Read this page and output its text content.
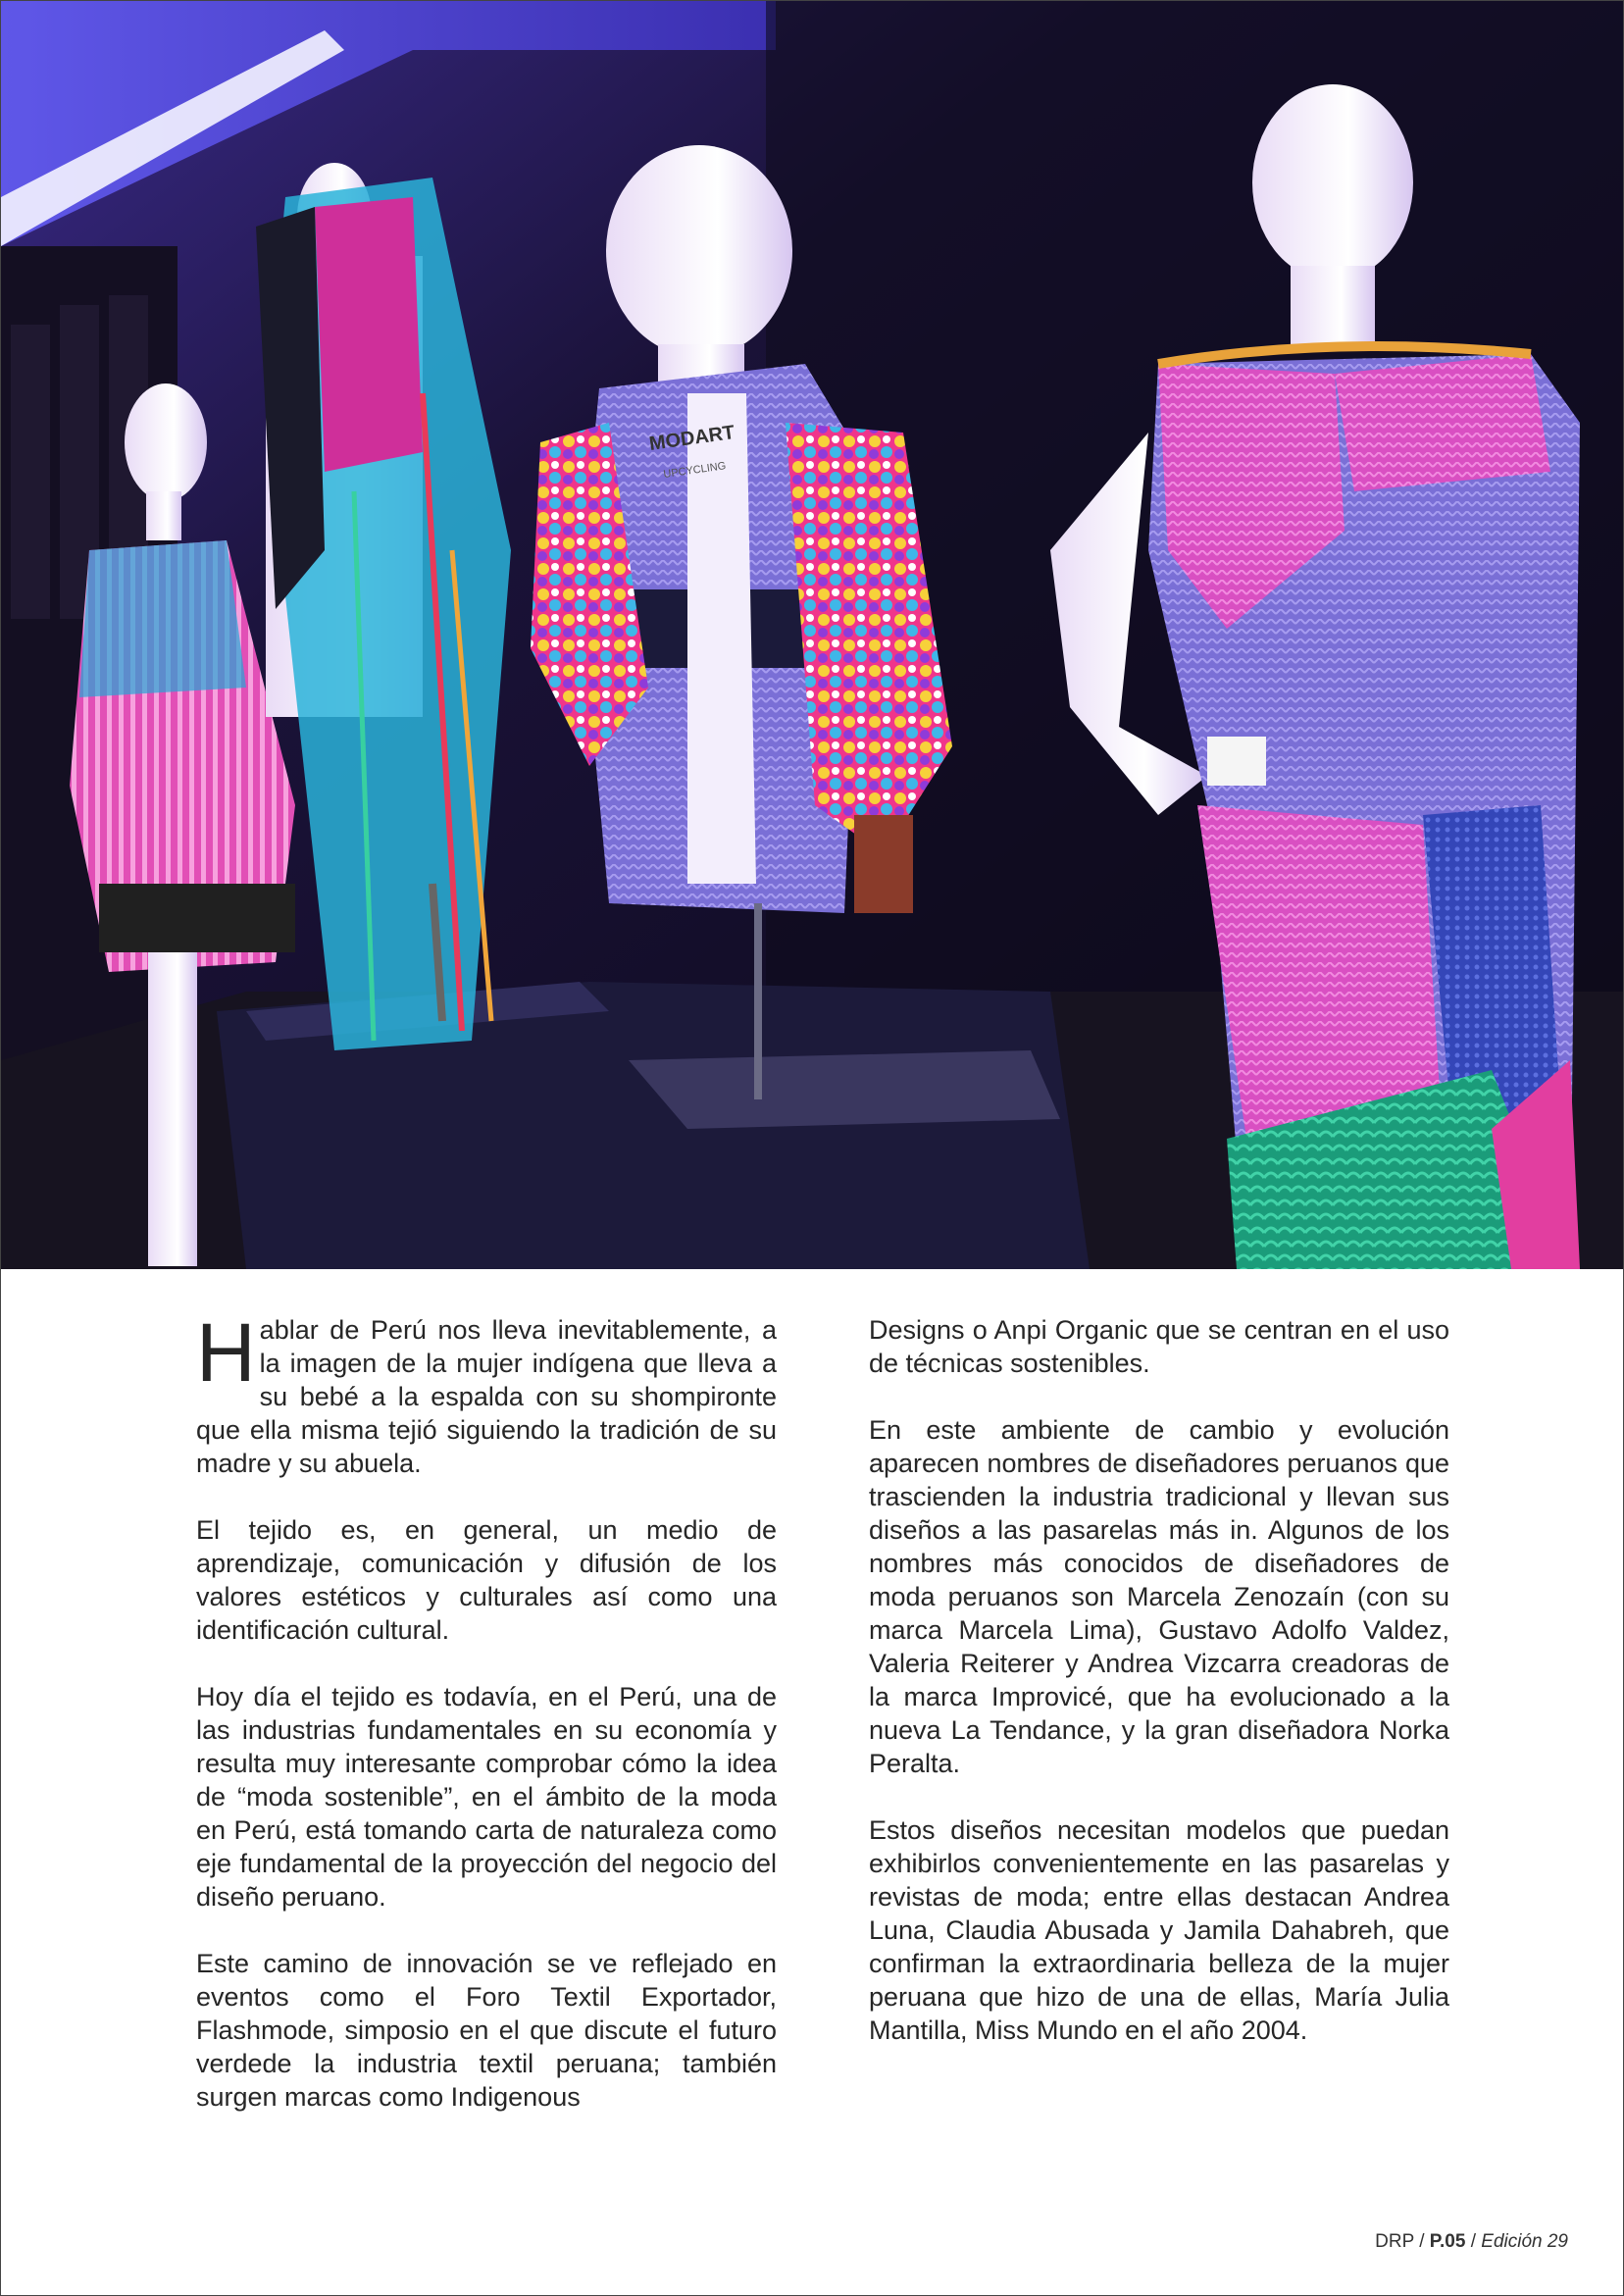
MODART
UPCYCLING

Hablar de Perú nos lleva inevitablemente, a la imagen de la mujer indígena que lleva a su bebé a la espalda con su shompironte que ella misma tejió siguiendo la tradición de su madre y su abuela.

El tejido es, en general, un medio de aprendizaje, comunicación y difusión de los valores estéticos y culturales así como una identificación cultural.

Hoy día el tejido es todavía, en el Perú, una de las industrias fundamentales en su economía y resulta muy interesante comprobar cómo la idea de “moda sostenible”, en el ámbito de la moda en Perú, está tomando carta de naturaleza como eje fundamental de la proyección del negocio del diseño peruano.

Este camino de innovación se ve reflejado en eventos como el Foro Textil Exportador, Flashmode, simposio en el que discute el futuro verdede la industria textil peruana; también surgen marcas como Indigenous

Designs o Anpi Organic que se centran en el uso de técnicas sostenibles.

En este ambiente de cambio y evolución aparecen nombres de diseñadores peruanos que trascienden la industria tradicional y llevan sus diseños a las pasarelas más in. Algunos de los nombres más conocidos de diseñadores de moda peruanos son Marcela Zenozaín (con su marca Marcela Lima), Gustavo Adolfo Valdez, Valeria Reiterer y Andrea Vizcarra creadoras de la marca Improvicé, que ha evolucionado a la nueva La Tendance, y la gran diseñadora Norka Peralta.

Estos diseños necesitan modelos que puedan exhibirlos convenientemente en las pasarelas y revistas de moda; entre ellas destacan Andrea Luna, Claudia Abusada y Jamila Dahabreh, que confirman la extraordinaria belleza de la mujer peruana que hizo de una de ellas, María Julia Mantilla, Miss Mundo en el año 2004.

DRP / P.05 / Edición 29
